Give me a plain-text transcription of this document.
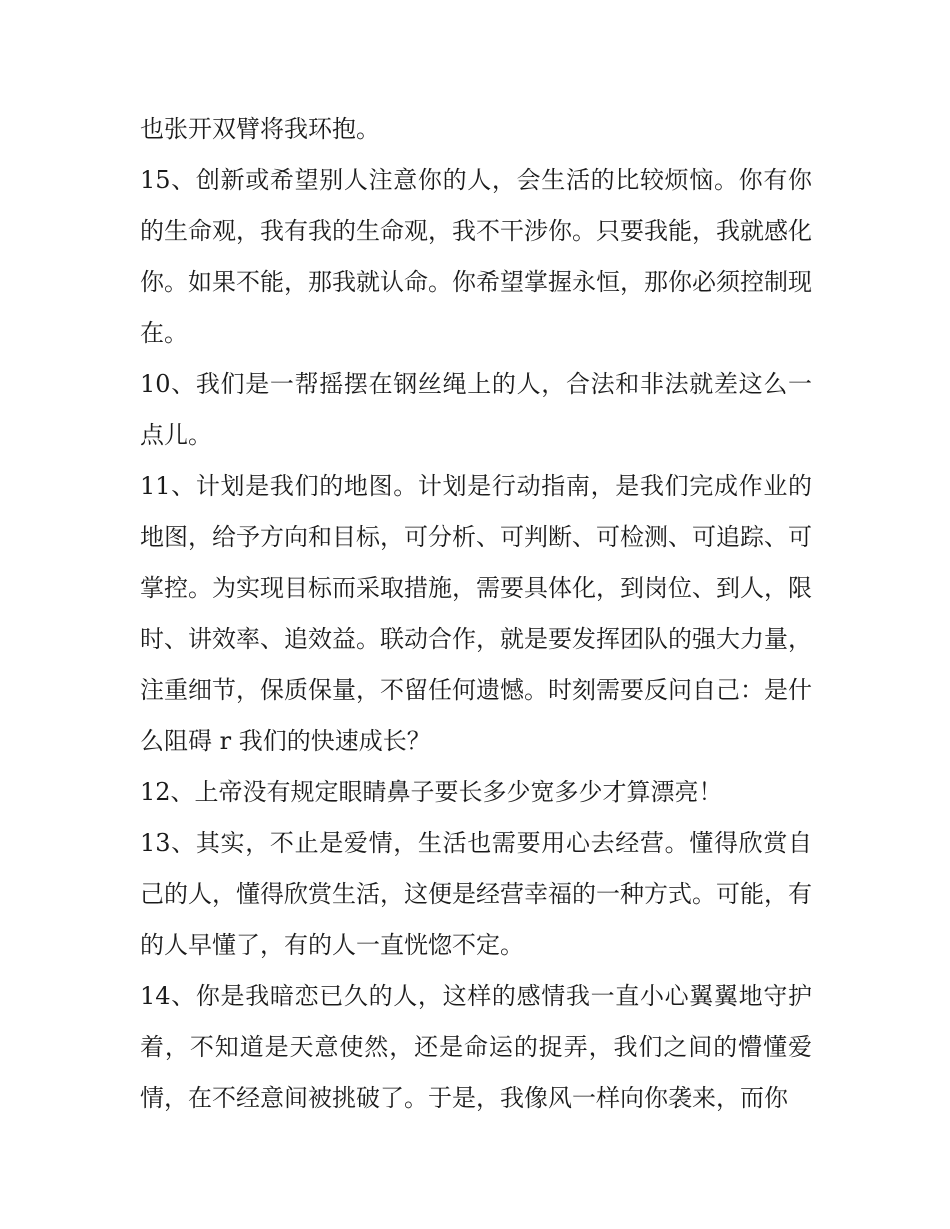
也张开双臂将我环抱。

15、创新或希望别人注意你的人，会生活的比较烦恼。你有你的生命观，我有我的生命观，我不干涉你。只要我能，我就感化你。如果不能，那我就认命。你希望掌握永恒，那你必须控制现在。

10、我们是一帮摇摆在钢丝绳上的人，合法和非法就差这么一点儿。

11、计划是我们的地图。计划是行动指南，是我们完成作业的地图，给予方向和目标，可分析、可判断、可检测、可追踪、可掌控。为实现目标而采取措施，需要具体化，到岗位、到人，限时、讲效率、追效益。联动合作，就是要发挥团队的强大力量，注重细节，保质保量，不留任何遗憾。时刻需要反问自己：是什么阻碍 r 我们的快速成长？

12、上帝没有规定眼睛鼻子要长多少宽多少才算漂亮！

13、其实，不止是爱情，生活也需要用心去经营。懂得欣赏自己的人，懂得欣赏生活，这便是经营幸福的一种方式。可能，有的人早懂了，有的人一直恍惚不定。

14、你是我暗恋已久的人，这样的感情我一直小心翼翼地守护着，不知道是天意使然，还是命运的捉弄，我们之间的懵懂爱情，在不经意间被挑破了。于是，我像风一样向你袭来，而你
